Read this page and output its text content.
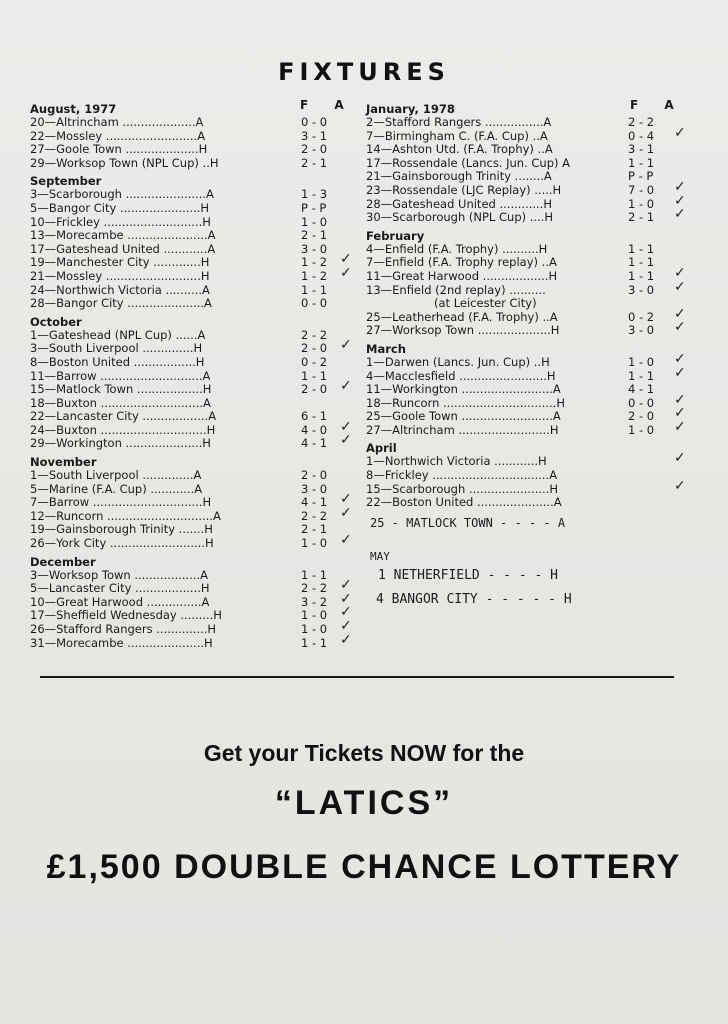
FIXTURES
F A
August, 1977
20—Altrincham ....................A	0 - 0
22—Mossley .........................A	3 - 1
27—Goole Town ....................H	2 - 0
29—Worksop Town (NPL Cup) ..H	2 - 1
September
3—Scarborough ......................A	1 - 3
5—Bangor City ......................H	P - P
10—Frickley ...........................H	1 - 0
13—Morecambe ......................A	2 - 1
17—Gateshead United ............A	3 - 0
19—Manchester City .............H	1 - 2 ✓
21—Mossley ..........................H	1 - 2 ✓
24—Northwich Victoria ..........A	1 - 1
28—Bangor City .....................A	0 - 0
October
1—Gateshead (NPL Cup) ......A	2 - 2
3—South Liverpool ..............H	2 - 0 ✓
8—Boston United .................H	0 - 2
11—Barrow ............................A	1 - 1
15—Matlock Town ..................H	2 - 0 ✓
18—Buxton ............................A
22—Lancaster City ..................A	6 - 1
24—Buxton .............................H	4 - 0 ✓
29—Workington .....................H	4 - 1 ✓
November
1—South Liverpool ..............A	2 - 0
5—Marine (F.A. Cup) ............A	3 - 0
7—Barrow ..............................H	4 - 1 ✓
12—Runcorn .............................A	2 - 2 ✓
19—Gainsborough Trinity .......H	2 - 1
26—York City ..........................H	1 - 0 ✓
December
3—Worksop Town ..................A	1 - 1
5—Lancaster City ..................H	2 - 2 ✓
10—Great Harwood ...............A	3 - 2 ✓
17—Sheffield Wednesday .........H	1 - 0 ✓
26—Stafford Rangers ..............H	1 - 0 ✓
31—Morecambe .....................H	1 - 1 ✓
F A
January, 1978
2—Stafford Rangers ................A	2 - 2
7—Birmingham C. (F.A. Cup) ..A	0 - 4 ✓
14—Ashton Utd. (F.A. Trophy) ..A	3 - 1
17—Rossendale (Lancs. Jun. Cup) A	1 - 1
21—Gainsborough Trinity ........A	P - P
23—Rossendale (LJC Replay) .....H	7 - 0 ✓
28—Gateshead United ............H	1 - 0 ✓
30—Scarborough (NPL Cup) ....H	2 - 1 ✓
February
4—Enfield (F.A. Trophy) ..........H	1 - 1
7—Enfield (F.A. Trophy replay) ..A	1 - 1
11—Great Harwood ..................H	1 - 1 ✓
13—Enfield (2nd replay) ..........	3 - 0 ✓
(at Leicester City)
25—Leatherhead (F.A. Trophy) ..A	0 - 2 ✓
27—Worksop Town ....................H	3 - 0 ✓
March
1—Darwen (Lancs. Jun. Cup) ..H	1 - 0 ✓
4—Macclesfield ........................H	1 - 1 ✓
11—Workington .........................A	4 - 1
18—Runcorn ...............................H	0 - 0 ✓
25—Goole Town .........................A	2 - 0 ✓
27—Altrincham .........................H	1 - 0 ✓
April
1—Northwich Victoria ............H	✓
8—Frickley ................................A
15—Scarborough ......................H	✓
22—Boston United .....................A
25 - MATLOCK TOWN - - - - A
MAY
1 NETHERFIELD - - - - H
4 BANGOR CITY - - - - - H
Get your Tickets NOW for the
“LATICS”
£1,500 DOUBLE CHANCE LOTTERY
